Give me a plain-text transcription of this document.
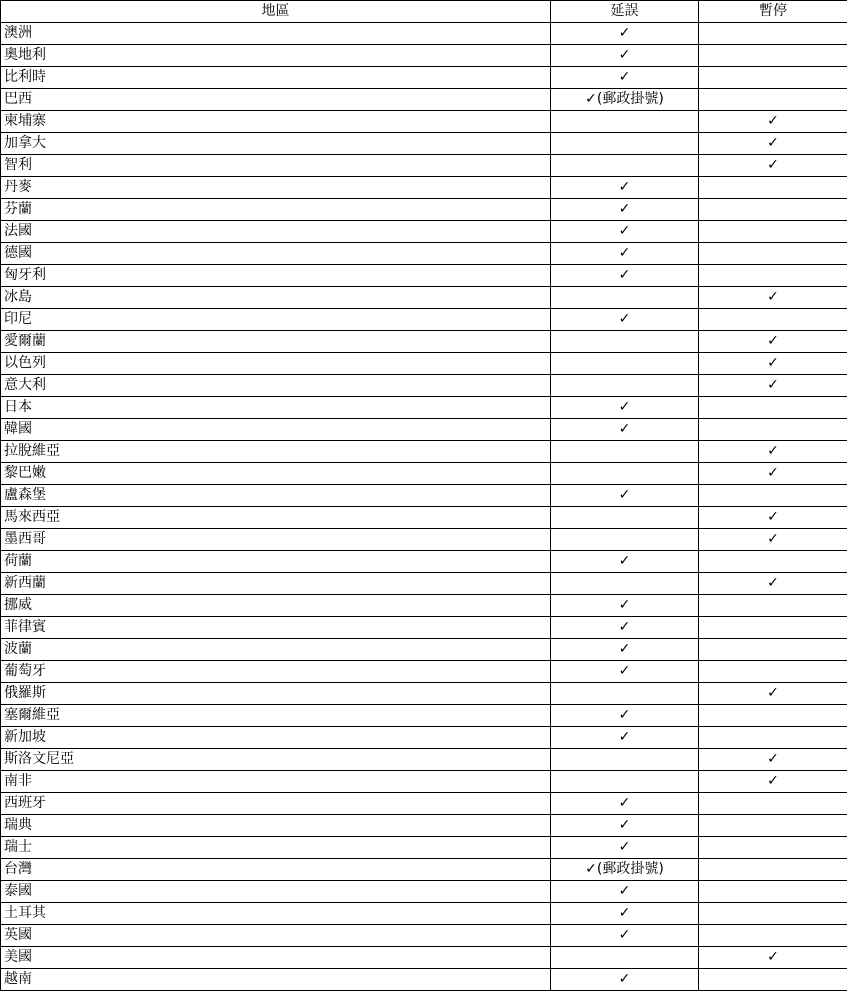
地區	延誤	暫停
澳洲	✓	
奧地利	✓	
比利時	✓	
巴西	✓(郵政掛號)	
柬埔寨		✓
加拿大		✓
智利		✓
丹麥	✓	
芬蘭	✓	
法國	✓	
德國	✓	
匈牙利	✓	
冰島		✓
印尼	✓	
愛爾蘭		✓
以色列		✓
意大利		✓
日本	✓	
韓國	✓	
拉脫維亞		✓
黎巴嫩		✓
盧森堡	✓	
馬來西亞		✓
墨西哥		✓
荷蘭	✓	
新西蘭		✓
挪威	✓	
菲律賓	✓	
波蘭	✓	
葡萄牙	✓	
俄羅斯		✓
塞爾維亞	✓	
新加坡	✓	
斯洛文尼亞		✓
南非		✓
西班牙	✓	
瑞典	✓	
瑞士	✓	
台灣	✓(郵政掛號)	
泰國	✓	
土耳其	✓	
英國	✓	
美國		✓
越南	✓	
